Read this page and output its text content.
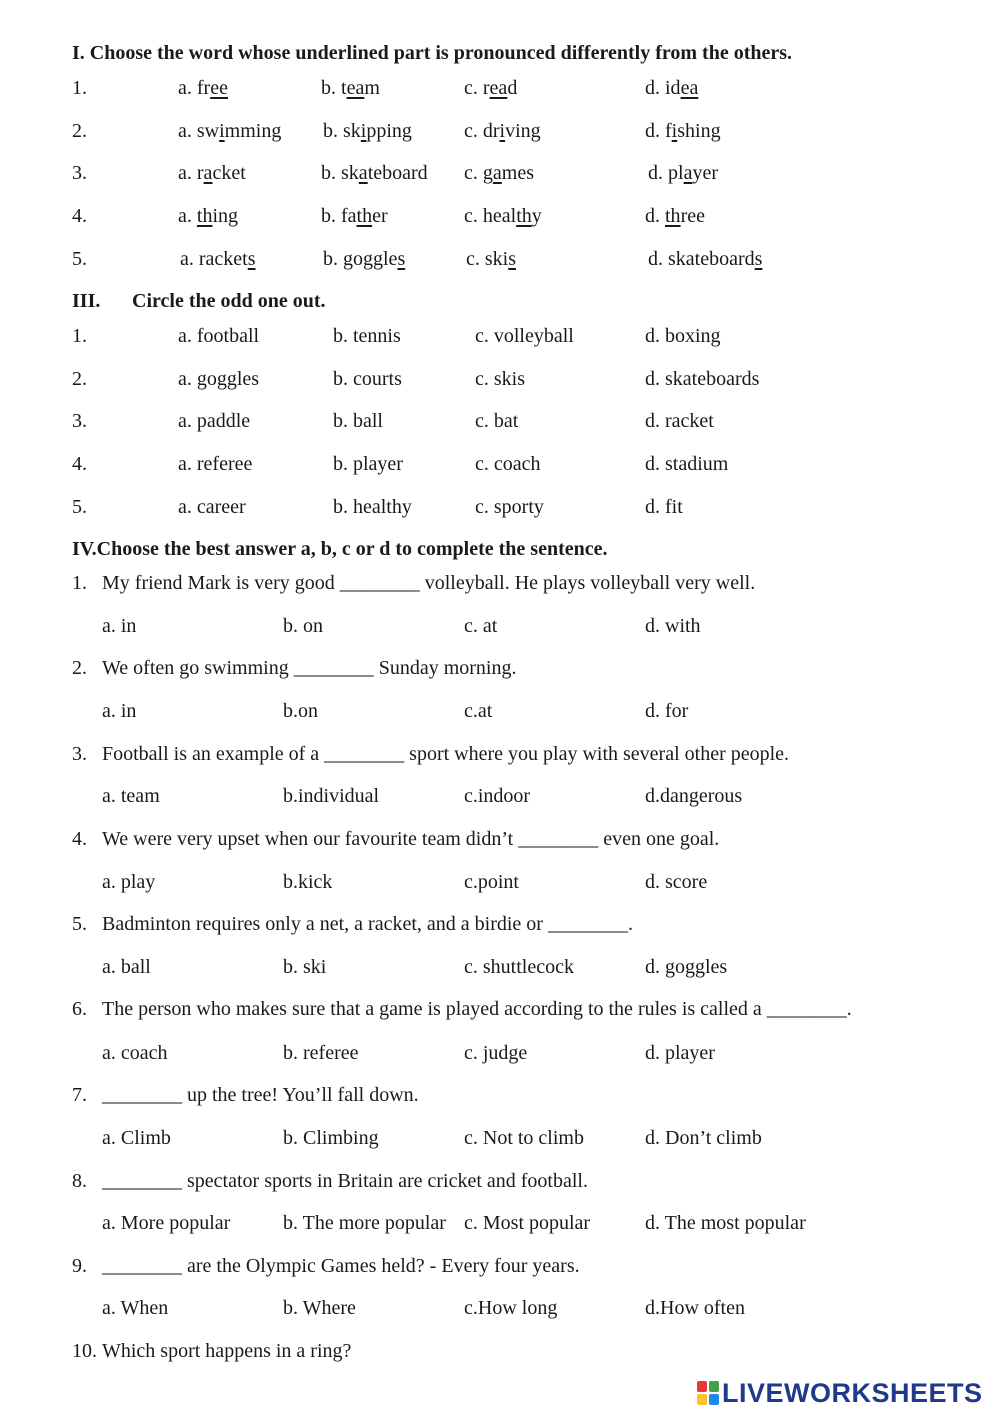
I. Choose the word whose underlined part is pronounced differently from the others.
1.	a. free	b. team	c. read	d. idea
2.	a. swimming b. skipping	c. driving	d. fishing
3.	a. racket	b. skateboard c. games	d. player
4.	a. thing	b. father	c. healthy	d. three
5.	a. rackets	b. goggles	c. skis	d. skateboards
III. Circle the odd one out.
1.	a. football	b. tennis	c. volleyball	d. boxing
2.	a. goggles	b. courts	c. skis	d. skateboards
3.	a. paddle	b. ball	c. bat	d. racket
4.	a. referee	b. player	c. coach	d. stadium
5.	a. career	b. healthy	c. sporty	d. fit
IV.Choose the best answer a, b, c or d to complete the sentence.
1. My friend Mark is very good ________ volleyball. He plays volleyball very well.
a. in	b. on	c. at	d. with
2. We often go swimming ________ Sunday morning.
a. in	b.on	c.at	d. for
3. Football is an example of a ________ sport where you play with several other people.
a. team	b.individual	c.indoor	d.dangerous
4. We were very upset when our favourite team didn’t ________ even one goal.
a. play	b.kick	c.point	d. score
5. Badminton requires only a net, a racket, and a birdie or ________.
a. ball	b. ski	c. shuttlecock	d. goggles
6. The person who makes sure that a game is played according to the rules is called a ________.
a. coach	b. referee	c. judge	d. player
7. ________ up the tree! You’ll fall down.
a. Climb	b. Climbing	c. Not to climb	d. Don’t climb
8. ________ spectator sports in Britain are cricket and football.
a. More popular	b. The more popular c. Most popular	d. The most popular
9. ________ are the Olympic Games held? - Every four years.
a. When	b. Where	c.How long	d.How often
10. Which sport happens in a ring?
LIVEWORKSHEETS
